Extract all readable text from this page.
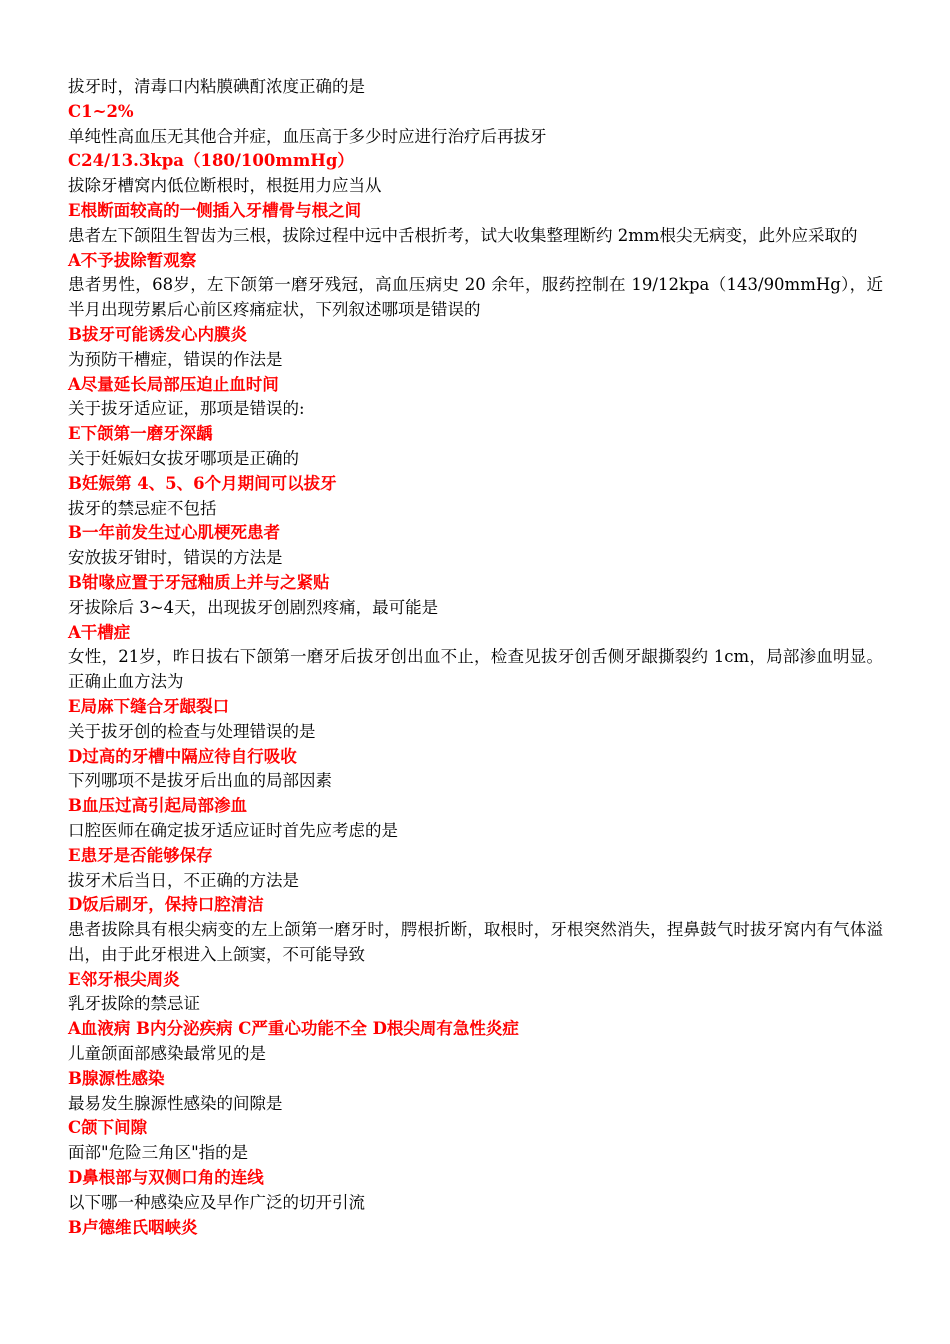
拔牙时，清毒口内粘膜碘酊浓度正确的是
C1~2%
单纯性高血压无其他合并症，血压高于多少时应进行治疗后再拔牙
C24/13.3kpa（180/100mmHg）
拔除牙槽窝内低位断根时，根挺用力应当从
E根断面较高的一侧插入牙槽骨与根之间
患者左下颌阻生智齿为三根，拔除过程中远中舌根折考，试大收集整理断约 2mm根尖无病变，此外应采取的
A不予拔除暂观察
患者男性，68岁，左下颌第一磨牙残冠，高血压病史 20 余年，服药控制在 19/12kpa（143/90mmHg），近半月出现劳累后心前区疼痛症状，下列叙述哪项是错误的
B拔牙可能诱发心内膜炎
为预防干槽症，错误的作法是
A尽量延长局部压迫止血时间
关于拔牙适应证，那项是错误的:
E下颌第一磨牙深龋
关于妊娠妇女拔牙哪项是正确的
B妊娠第 4、5、6个月期间可以拔牙
拔牙的禁忌症不包括
B一年前发生过心肌梗死患者
安放拔牙钳时，错误的方法是
B钳喙应置于牙冠釉质上并与之紧贴
牙拔除后 3~4天，出现拔牙创剧烈疼痛，最可能是
A干槽症
女性，21岁，昨日拔右下颌第一磨牙后拔牙创出血不止，检查见拔牙创舌侧牙龈撕裂约 1cm，局部渗血明显。正确止血方法为
E局麻下缝合牙龈裂口
关于拔牙创的检查与处理错误的是
D过高的牙槽中隔应待自行吸收
下列哪项不是拔牙后出血的局部因素
B血压过高引起局部渗血
口腔医师在确定拔牙适应证时首先应考虑的是
E患牙是否能够保存
拔牙术后当日，不正确的方法是
D饭后刷牙，保持口腔清洁
患者拔除具有根尖病变的左上颌第一磨牙时，腭根折断，取根时，牙根突然消失，捏鼻鼓气时拔牙窝内有气体溢出，由于此牙根进入上颌窦，不可能导致
E邻牙根尖周炎
乳牙拔除的禁忌证
A血液病 B内分泌疾病 C严重心功能不全 D根尖周有急性炎症
儿童颌面部感染最常见的是
B腺源性感染
最易发生腺源性感染的间隙是
C颌下间隙
面部"危险三角区"指的是
D鼻根部与双侧口角的连线
以下哪一种感染应及早作广泛的切开引流
B卢德维氏咽峡炎
